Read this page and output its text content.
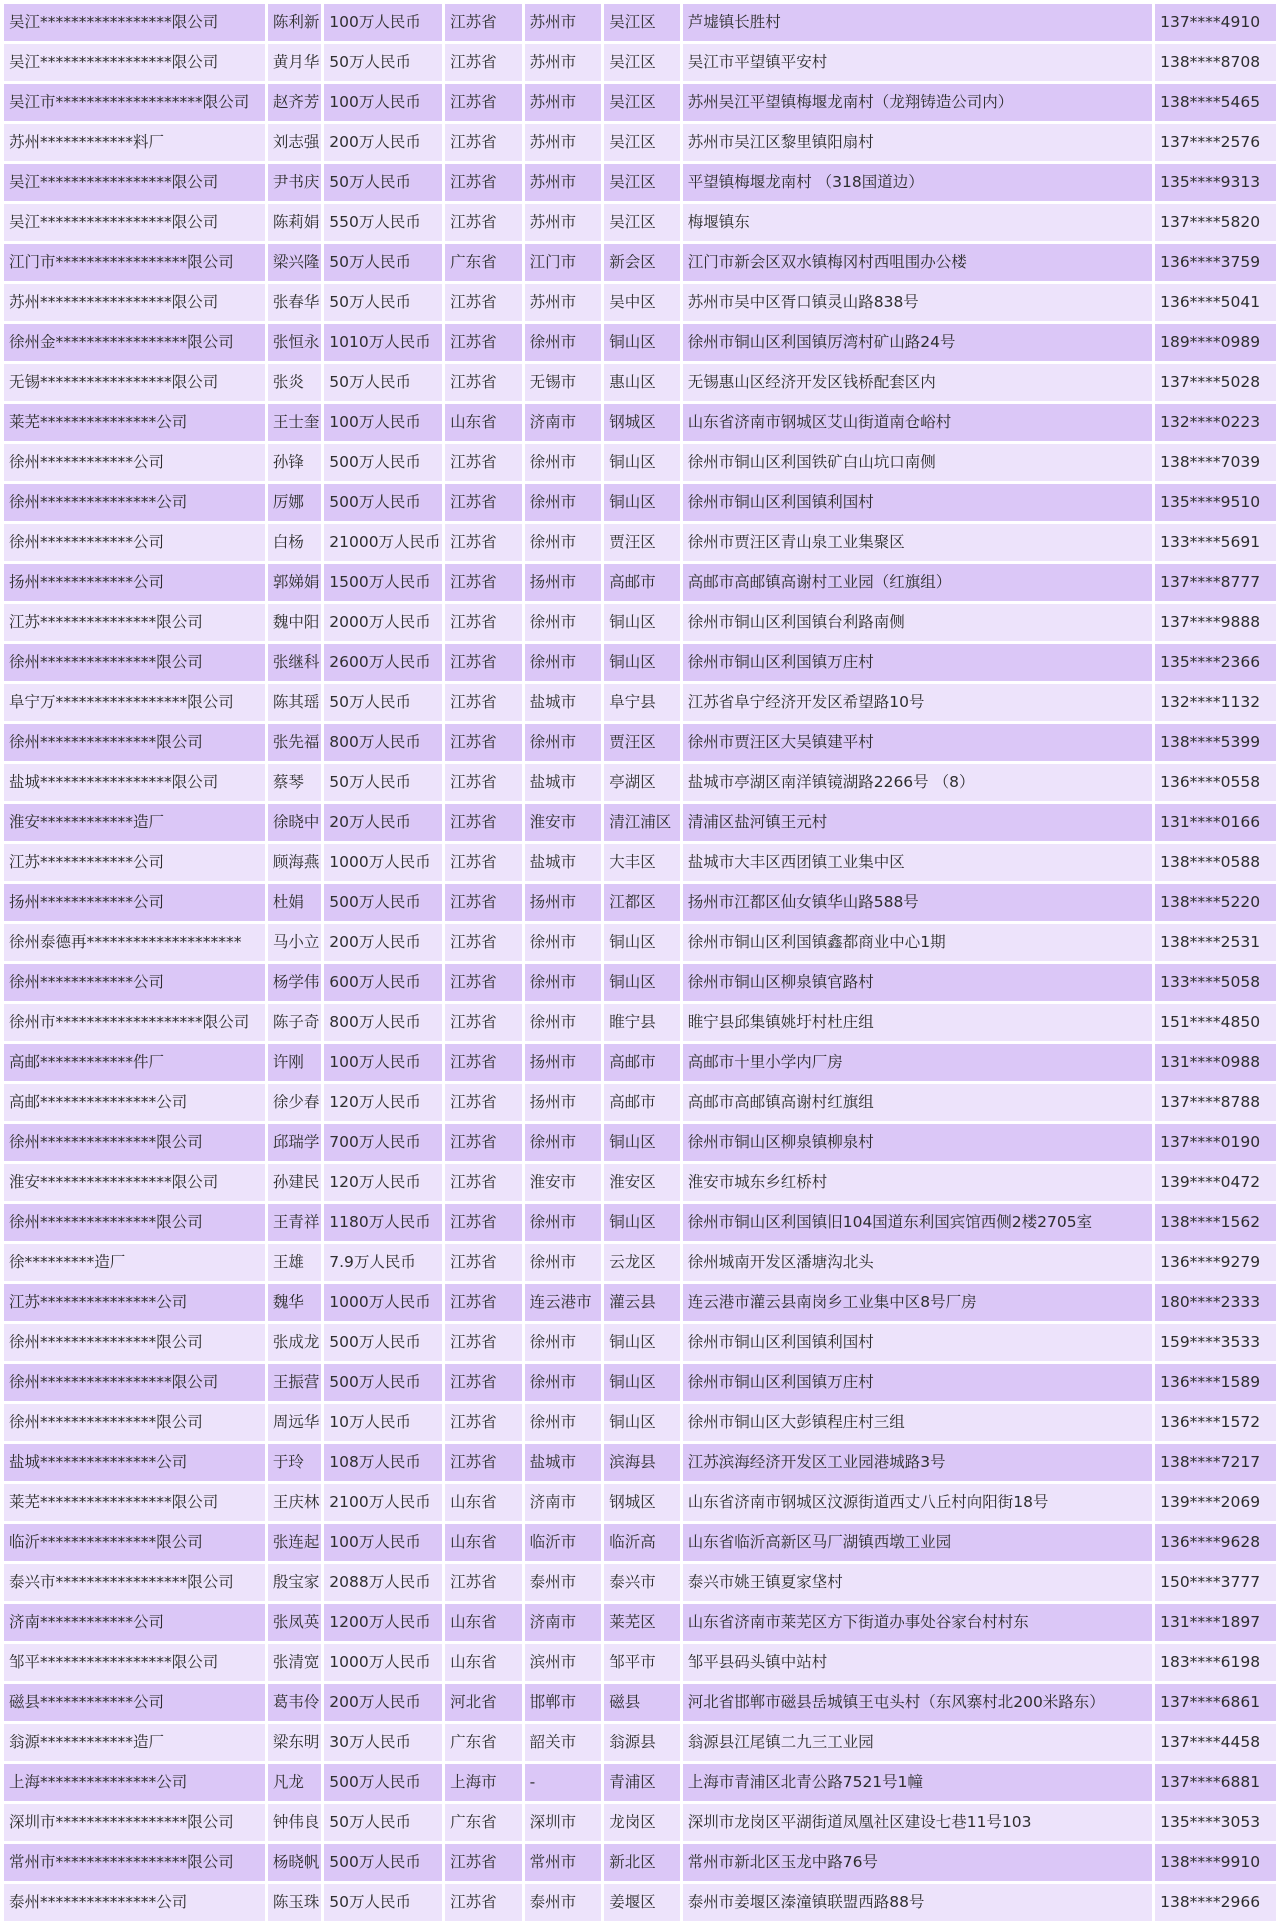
吴江*****************限公司	陈利新	100万人民币	江苏省	苏州市	吴江区	芦墟镇长胜村	137****4910
吴江*****************限公司	黄月华	50万人民币	江苏省	苏州市	吴江区	吴江市平望镇平安村	138****8708
吴江市*******************限公司	赵齐芳	100万人民币	江苏省	苏州市	吴江区	苏州吴江平望镇梅堰龙南村（龙翔铸造公司内）	138****5465
苏州************料厂	刘志强	200万人民币	江苏省	苏州市	吴江区	苏州市吴江区黎里镇阳扇村	137****2576
吴江*****************限公司	尹书庆	50万人民币	江苏省	苏州市	吴江区	平望镇梅堰龙南村 （318国道边）	135****9313
吴江*****************限公司	陈莉娟	550万人民币	江苏省	苏州市	吴江区	梅堰镇东	137****5820
江门市*****************限公司	梁兴隆	50万人民币	广东省	江门市	新会区	江门市新会区双水镇梅冈村西咀围办公楼	136****3759
苏州*****************限公司	张春华	50万人民币	江苏省	苏州市	吴中区	苏州市吴中区胥口镇灵山路838号	136****5041
徐州金*****************限公司	张恒永	1010万人民币	江苏省	徐州市	铜山区	徐州市铜山区利国镇厉湾村矿山路24号	189****0989
无锡*****************限公司	张炎	50万人民币	江苏省	无锡市	惠山区	无锡惠山区经济开发区钱桥配套区内	137****5028
莱芜***************公司	王士奎	100万人民币	山东省	济南市	钢城区	山东省济南市钢城区艾山街道南仓峪村	132****0223
徐州************公司	孙锋	500万人民币	江苏省	徐州市	铜山区	徐州市铜山区利国铁矿白山坑口南侧	138****7039
徐州***************公司	厉娜	500万人民币	江苏省	徐州市	铜山区	徐州市铜山区利国镇利国村	135****9510
徐州************公司	白杨	21000万人民币	江苏省	徐州市	贾汪区	徐州市贾汪区青山泉工业集聚区	133****5691
扬州************公司	郭娣娟	1500万人民币	江苏省	扬州市	高邮市	高邮市高邮镇高谢村工业园（红旗组）	137****8777
江苏***************限公司	魏中阳	2000万人民币	江苏省	徐州市	铜山区	徐州市铜山区利国镇台利路南侧	137****9888
徐州***************限公司	张继科	2600万人民币	江苏省	徐州市	铜山区	徐州市铜山区利国镇万庄村	135****2366
阜宁万*****************限公司	陈其瑶	50万人民币	江苏省	盐城市	阜宁县	江苏省阜宁经济开发区希望路10号	132****1132
徐州***************限公司	张先福	800万人民币	江苏省	徐州市	贾汪区	徐州市贾汪区大吴镇建平村	138****5399
盐城*****************限公司	蔡琴	50万人民币	江苏省	盐城市	亭湖区	盐城市亭湖区南洋镇镜湖路2266号 （8）	136****0558
淮安************造厂	徐晓中	20万人民币	江苏省	淮安市	清江浦区	清浦区盐河镇王元村	131****0166
江苏************公司	顾海燕	1000万人民币	江苏省	盐城市	大丰区	盐城市大丰区西团镇工业集中区	138****0588
扬州************公司	杜娟	500万人民币	江苏省	扬州市	江都区	扬州市江都区仙女镇华山路588号	138****5220
徐州泰德再********************	马小立	200万人民币	江苏省	徐州市	铜山区	徐州市铜山区利国镇鑫都商业中心1期	138****2531
徐州************公司	杨学伟	600万人民币	江苏省	徐州市	铜山区	徐州市铜山区柳泉镇官路村	133****5058
徐州市*******************限公司	陈子奇	800万人民币	江苏省	徐州市	睢宁县	睢宁县邱集镇姚圩村杜庄组	151****4850
高邮************件厂	许刚	100万人民币	江苏省	扬州市	高邮市	高邮市十里小学内厂房	131****0988
高邮***************公司	徐少春	120万人民币	江苏省	扬州市	高邮市	高邮市高邮镇高谢村红旗组	137****8788
徐州***************限公司	邱瑞学	700万人民币	江苏省	徐州市	铜山区	徐州市铜山区柳泉镇柳泉村	137****0190
淮安*****************限公司	孙建民	120万人民币	江苏省	淮安市	淮安区	淮安市城东乡红桥村	139****0472
徐州***************限公司	王青祥	1180万人民币	江苏省	徐州市	铜山区	徐州市铜山区利国镇旧104国道东利国宾馆西侧2楼2705室	138****1562
徐*********造厂	王雄	7.9万人民币	江苏省	徐州市	云龙区	徐州城南开发区潘塘沟北头	136****9279
江苏***************公司	魏华	1000万人民币	江苏省	连云港市	灌云县	连云港市灌云县南岗乡工业集中区8号厂房	180****2333
徐州***************限公司	张成龙	500万人民币	江苏省	徐州市	铜山区	徐州市铜山区利国镇利国村	159****3533
徐州*****************限公司	王振营	500万人民币	江苏省	徐州市	铜山区	徐州市铜山区利国镇万庄村	136****1589
徐州***************限公司	周远华	10万人民币	江苏省	徐州市	铜山区	徐州市铜山区大彭镇程庄村三组	136****1572
盐城***************公司	于玲	108万人民币	江苏省	盐城市	滨海县	江苏滨海经济开发区工业园港城路3号	138****7217
莱芜*****************限公司	王庆林	2100万人民币	山东省	济南市	钢城区	山东省济南市钢城区汶源街道西丈八丘村向阳街18号	139****2069
临沂***************限公司	张连起	100万人民币	山东省	临沂市	临沂高	山东省临沂高新区马厂湖镇西墩工业园	136****9628
泰兴市*****************限公司	殷宝家	2088万人民币	江苏省	泰州市	泰兴市	泰兴市姚王镇夏家垡村	150****3777
济南************公司	张凤英	1200万人民币	山东省	济南市	莱芜区	山东省济南市莱芜区方下街道办事处谷家台村村东	131****1897
邹平*****************限公司	张清宽	1000万人民币	山东省	滨州市	邹平市	邹平县码头镇中站村	183****6198
磁县************公司	葛韦伶	200万人民币	河北省	邯郸市	磁县	河北省邯郸市磁县岳城镇王屯头村（东风寨村北200米路东）	137****6861
翁源************造厂	梁东明	30万人民币	广东省	韶关市	翁源县	翁源县江尾镇二九三工业园	137****4458
上海***************公司	凡龙	500万人民币	上海市	-	青浦区	上海市青浦区北青公路7521号1幢	137****6881
深圳市*****************限公司	钟伟良	50万人民币	广东省	深圳市	龙岗区	深圳市龙岗区平湖街道凤凰社区建设七巷11号103	135****3053
常州市*****************限公司	杨晓帆	500万人民币	江苏省	常州市	新北区	常州市新北区玉龙中路76号	138****9910
泰州***************公司	陈玉珠	50万人民币	江苏省	泰州市	姜堰区	泰州市姜堰区溱潼镇联盟西路88号	138****2966
